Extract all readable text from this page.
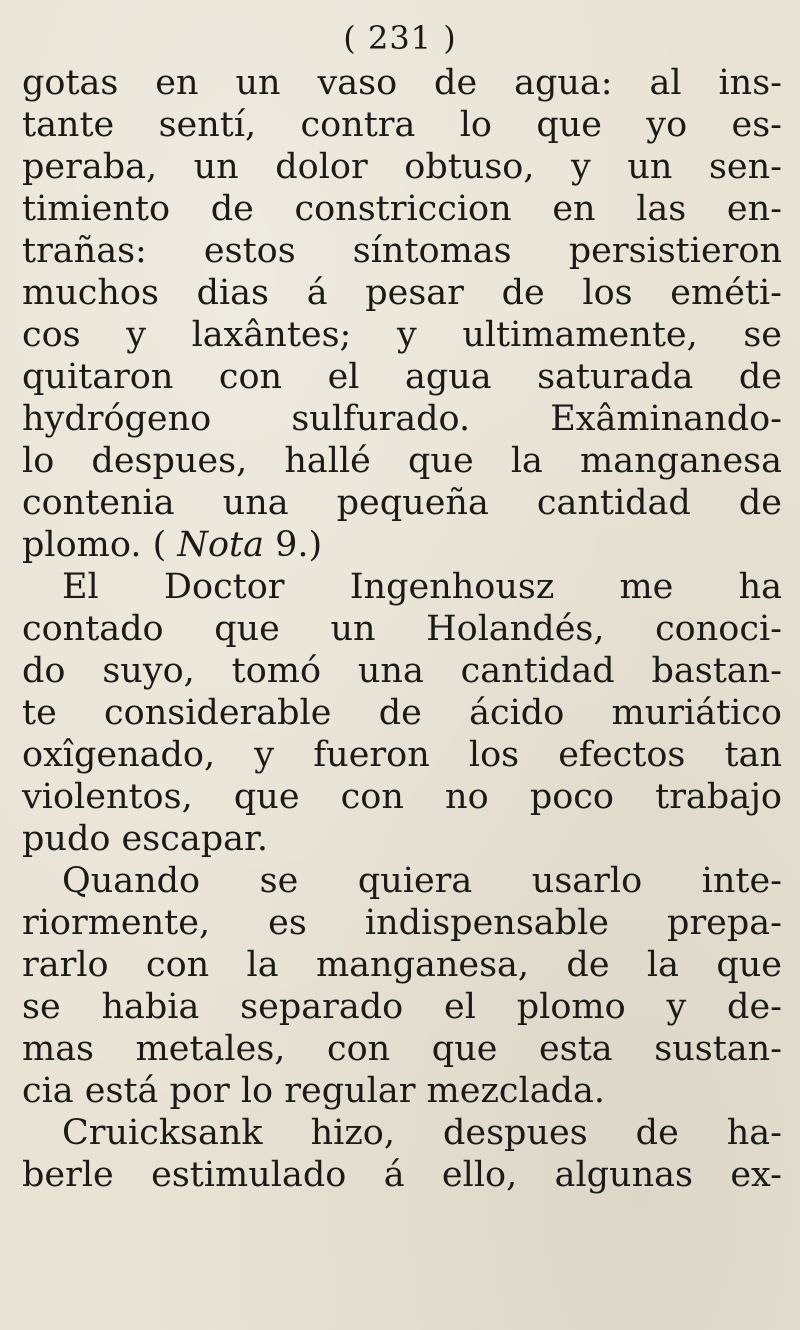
( 231 )
gotas en un vaso de agua: al ins-
tante sentí, contra lo que yo es-
peraba, un dolor obtuso, y un sen-
timiento de constriccion en las en-
trañas: estos síntomas persistieron
muchos dias á pesar de los eméti-
cos y laxântes; y ultimamente, se
quitaron con el agua saturada de
hydrógeno sulfurado. Exâminando-
lo despues, hallé que la manganesa
contenia una pequeña cantidad de
plomo. ( Nota 9.)
El Doctor Ingenhousz me ha
contado que un Holandés, conoci-
do suyo, tomó una cantidad bastan-
te considerable de ácido muriático
oxîgenado, y fueron los efectos tan
violentos, que con no poco trabajo
pudo escapar.
Quando se quiera usarlo inte-
riormente, es indispensable prepa-
rarlo con la manganesa, de la que
se habia separado el plomo y de-
mas metales, con que esta sustan-
cia está por lo regular mezclada.
Cruicksank hizo, despues de ha-
berle estimulado á ello, algunas ex-
